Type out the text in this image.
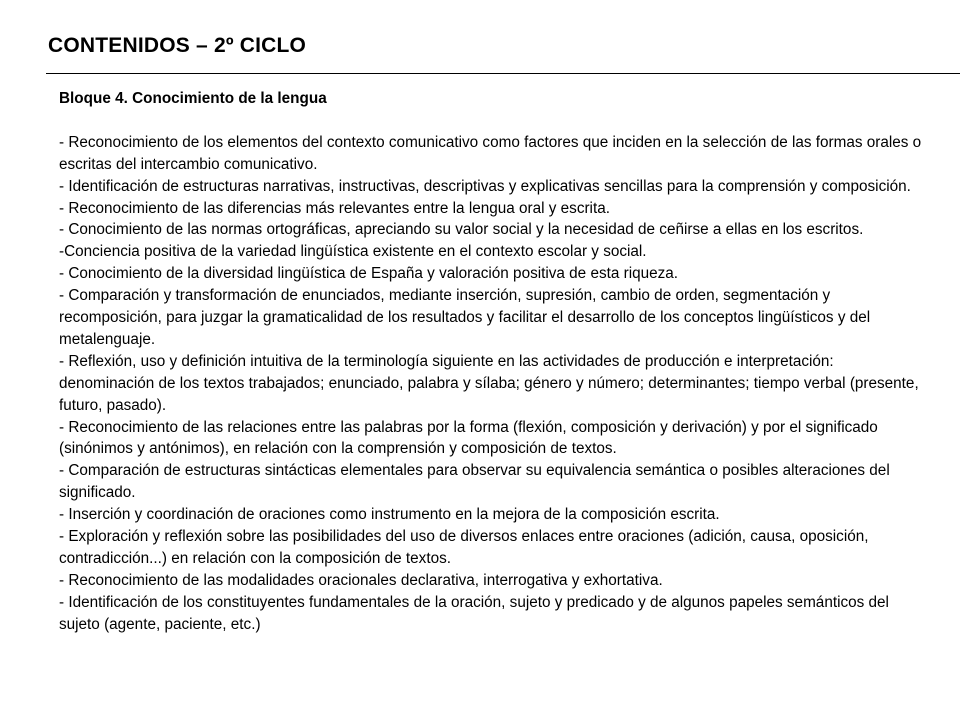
CONTENIDOS – 2º CICLO
Bloque 4. Conocimiento de la lengua

- Reconocimiento de los elementos del contexto comunicativo como factores que inciden en la selección de las formas orales o escritas del intercambio comunicativo.

- Identificación de estructuras narrativas, instructivas, descriptivas y explicativas sencillas para la comprensión y composición.

- Reconocimiento de las diferencias más relevantes entre la lengua oral y escrita.

- Conocimiento de las normas ortográficas, apreciando su valor social y la necesidad de ceñirse a ellas en los escritos.

-Conciencia positiva de la variedad lingüística existente en el contexto escolar y social.

- Conocimiento de la diversidad lingüística de España y valoración positiva de esta riqueza.

- Comparación y transformación de enunciados, mediante inserción, supresión, cambio de orden, segmentación y recomposición, para juzgar la gramaticalidad de los resultados y facilitar el desarrollo de los conceptos lingüísticos y del metalenguaje.

- Reflexión, uso y definición intuitiva de la terminología siguiente en las actividades de producción e interpretación: denominación de los textos trabajados; enunciado, palabra y sílaba; género y número; determinantes; tiempo verbal (presente, futuro, pasado).

- Reconocimiento de las relaciones entre las palabras por la forma (flexión, composición y derivación) y por el significado (sinónimos y antónimos), en relación con la comprensión y composición de textos.

- Comparación de estructuras sintácticas elementales para observar su equivalencia semántica o posibles alteraciones del significado.

- Inserción y coordinación de oraciones como instrumento en la mejora de la composición escrita.

- Exploración y reflexión sobre las posibilidades del uso de diversos enlaces entre oraciones (adición, causa, oposición, contradicción...) en relación con la composición de textos.

- Reconocimiento de las modalidades oracionales declarativa, interrogativa y exhortativa.

- Identificación de los constituyentes fundamentales de la oración, sujeto y predicado y de algunos papeles semánticos del sujeto (agente, paciente, etc.)
